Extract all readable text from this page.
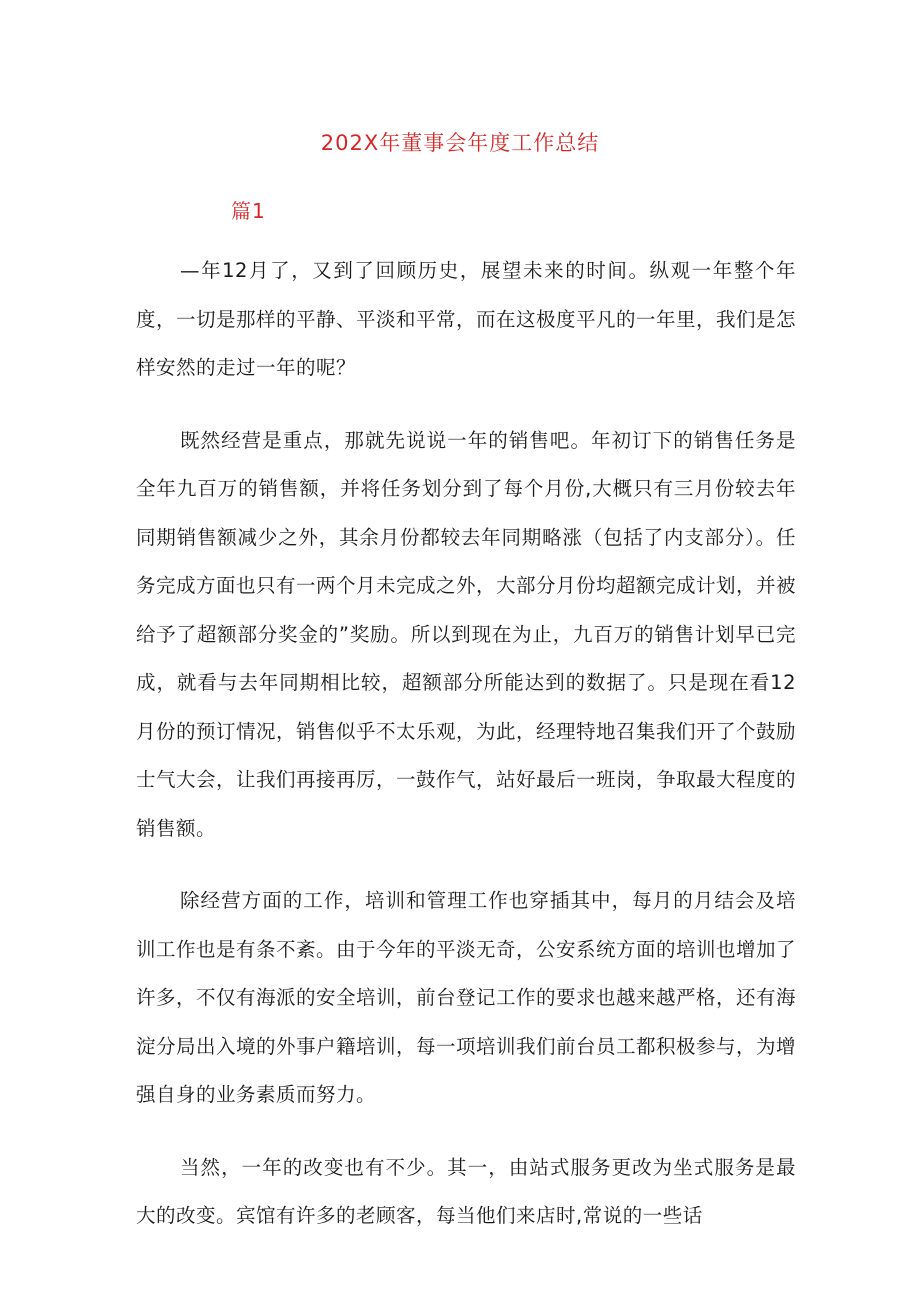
202X年董事会年度工作总结
篇1

—年12月了，又到了回顾历史，展望未来的时间。纵观一年整个年度，一切是那样的平静、平淡和平常，而在这极度平凡的一年里，我们是怎样安然的走过一年的呢？

既然经营是重点，那就先说说一年的销售吧。年初订下的销售任务是全年九百万的销售额，并将任务划分到了每个月份,大概只有三月份较去年同期销售额减少之外，其余月份都较去年同期略涨（包括了内支部分）。任务完成方面也只有一两个月未完成之外，大部分月份均超额完成计划，并被给予了超额部分奖金的”奖励。所以到现在为止，九百万的销售计划早已完成，就看与去年同期相比较，超额部分所能达到的数据了。只是现在看12月份的预订情况，销售似乎不太乐观，为此，经理特地召集我们开了个鼓励士气大会，让我们再接再厉，一鼓作气，站好最后一班岗，争取最大程度的销售额。

除经营方面的工作，培训和管理工作也穿插其中，每月的月结会及培训工作也是有条不紊。由于今年的平淡无奇，公安系统方面的培训也增加了许多，不仅有海派的安全培训，前台登记工作的要求也越来越严格，还有海淀分局出入境的外事户籍培训，每一项培训我们前台员工都积极参与，为增强自身的业务素质而努力。

当然，一年的改变也有不少。其一，由站式服务更改为坐式服务是最大的改变。宾馆有许多的老顾客，每当他们来店时,常说的一些话
